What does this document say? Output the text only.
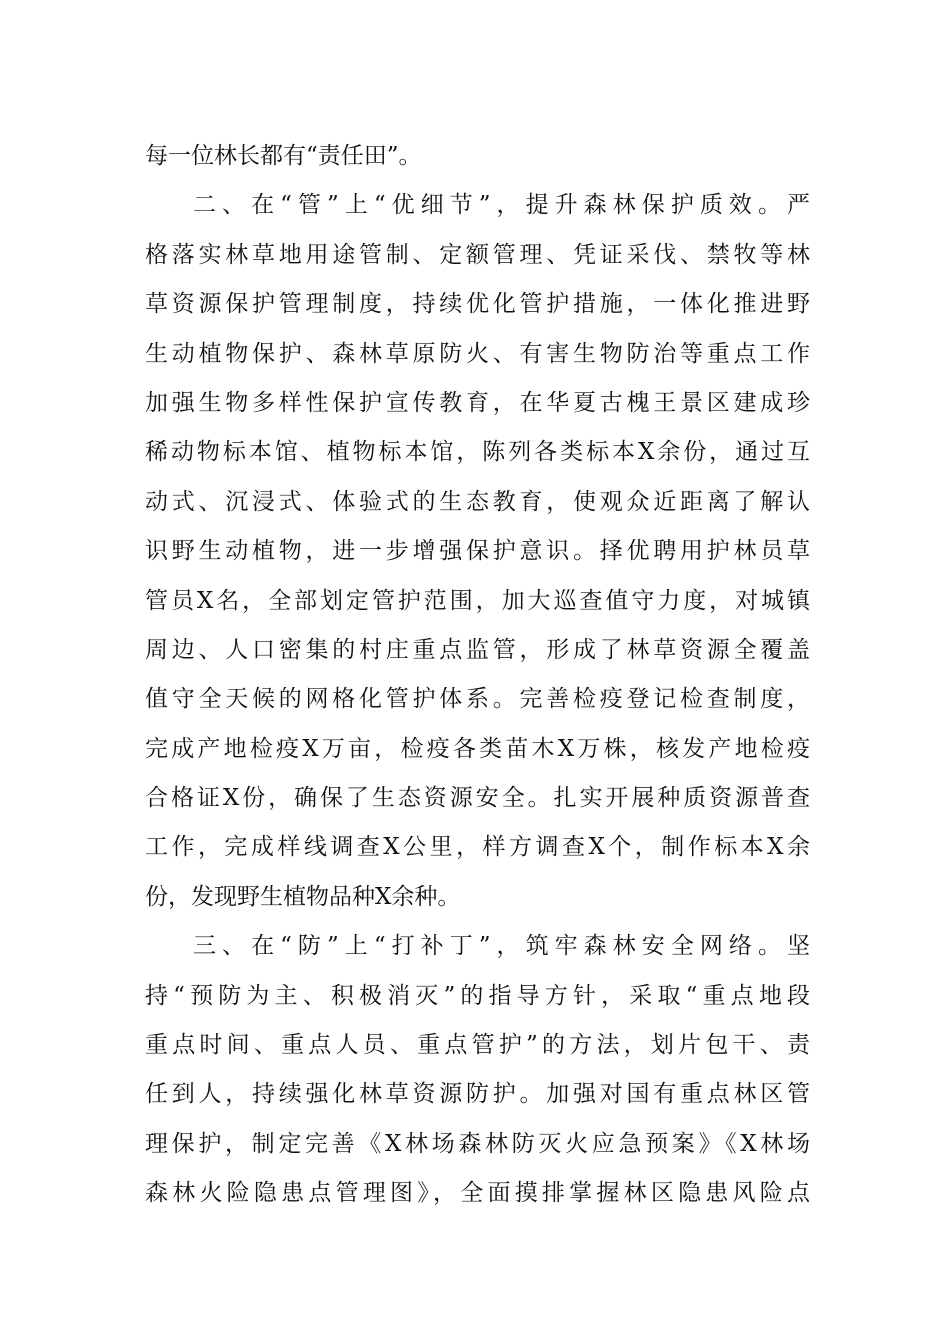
每一位林长都有“责任田”。
二、在“管”上“优细节”，提升森林保护质效。严
格落实林草地用途管制、定额管理、凭证采伐、禁牧等林
草资源保护管理制度，持续优化管护措施，一体化推进野
生动植物保护、森林草原防火、有害生物防治等重点工作
加强生物多样性保护宣传教育，在华夏古槐王景区建成珍
稀动物标本馆、植物标本馆，陈列各类标本X余份，通过互
动式、沉浸式、体验式的生态教育，使观众近距离了解认
识野生动植物，进一步增强保护意识。择优聘用护林员草
管员X名，全部划定管护范围，加大巡查值守力度，对城镇
周边、人口密集的村庄重点监管，形成了林草资源全覆盖
值守全天候的网格化管护体系。完善检疫登记检查制度，
完成产地检疫X万亩，检疫各类苗木X万株，核发产地检疫
合格证X份，确保了生态资源安全。扎实开展种质资源普查
工作，完成样线调查X公里，样方调查X个，制作标本X余
份，发现野生植物品种X余种。
三、在“防”上“打补丁”，筑牢森林安全网络。坚
持“预防为主、积极消灭”的指导方针，采取“重点地段
重点时间、重点人员、重点管护”的方法，划片包干、责
任到人，持续强化林草资源防护。加强对国有重点林区管
理保护，制定完善《X林场森林防灭火应急预案》《X林场
森林火险隐患点管理图》，全面摸排掌握林区隐患风险点
